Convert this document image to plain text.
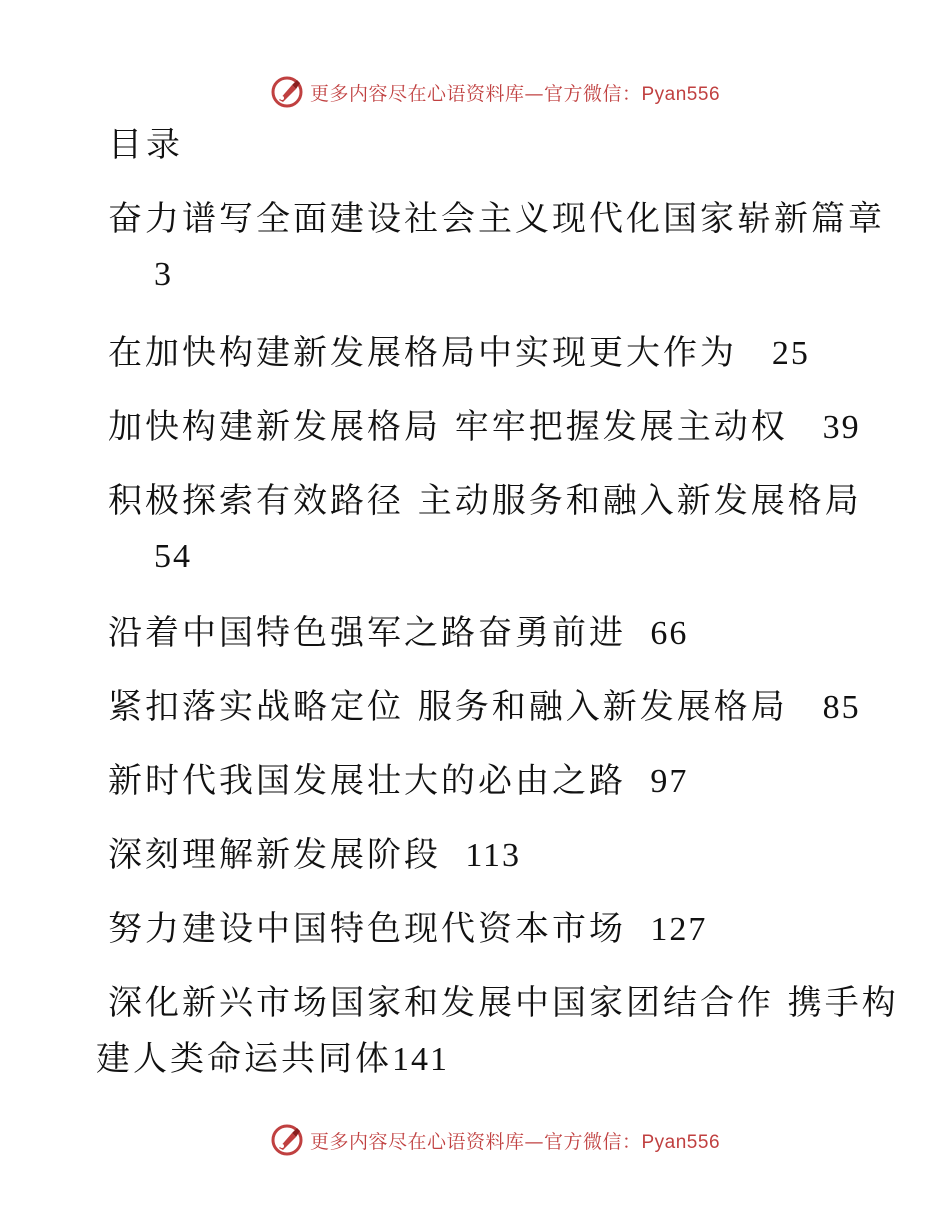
更多内容尽在心语资料库—官方微信：Pyan556
目录
奋力谱写全面建设社会主义现代化国家崭新篇章
3
在加快构建新发展格局中实现更大作为 25
加快构建新发展格局 牢牢把握发展主动权 39
积极探索有效路径 主动服务和融入新发展格局
54
沿着中国特色强军之路奋勇前进 66
紧扣落实战略定位 服务和融入新发展格局 85
新时代我国发展壮大的必由之路 97
深刻理解新发展阶段 113
努力建设中国特色现代资本市场 127
深化新兴市场国家和发展中国家团结合作 携手构
建人类命运共同体141
更多内容尽在心语资料库—官方微信：Pyan556
